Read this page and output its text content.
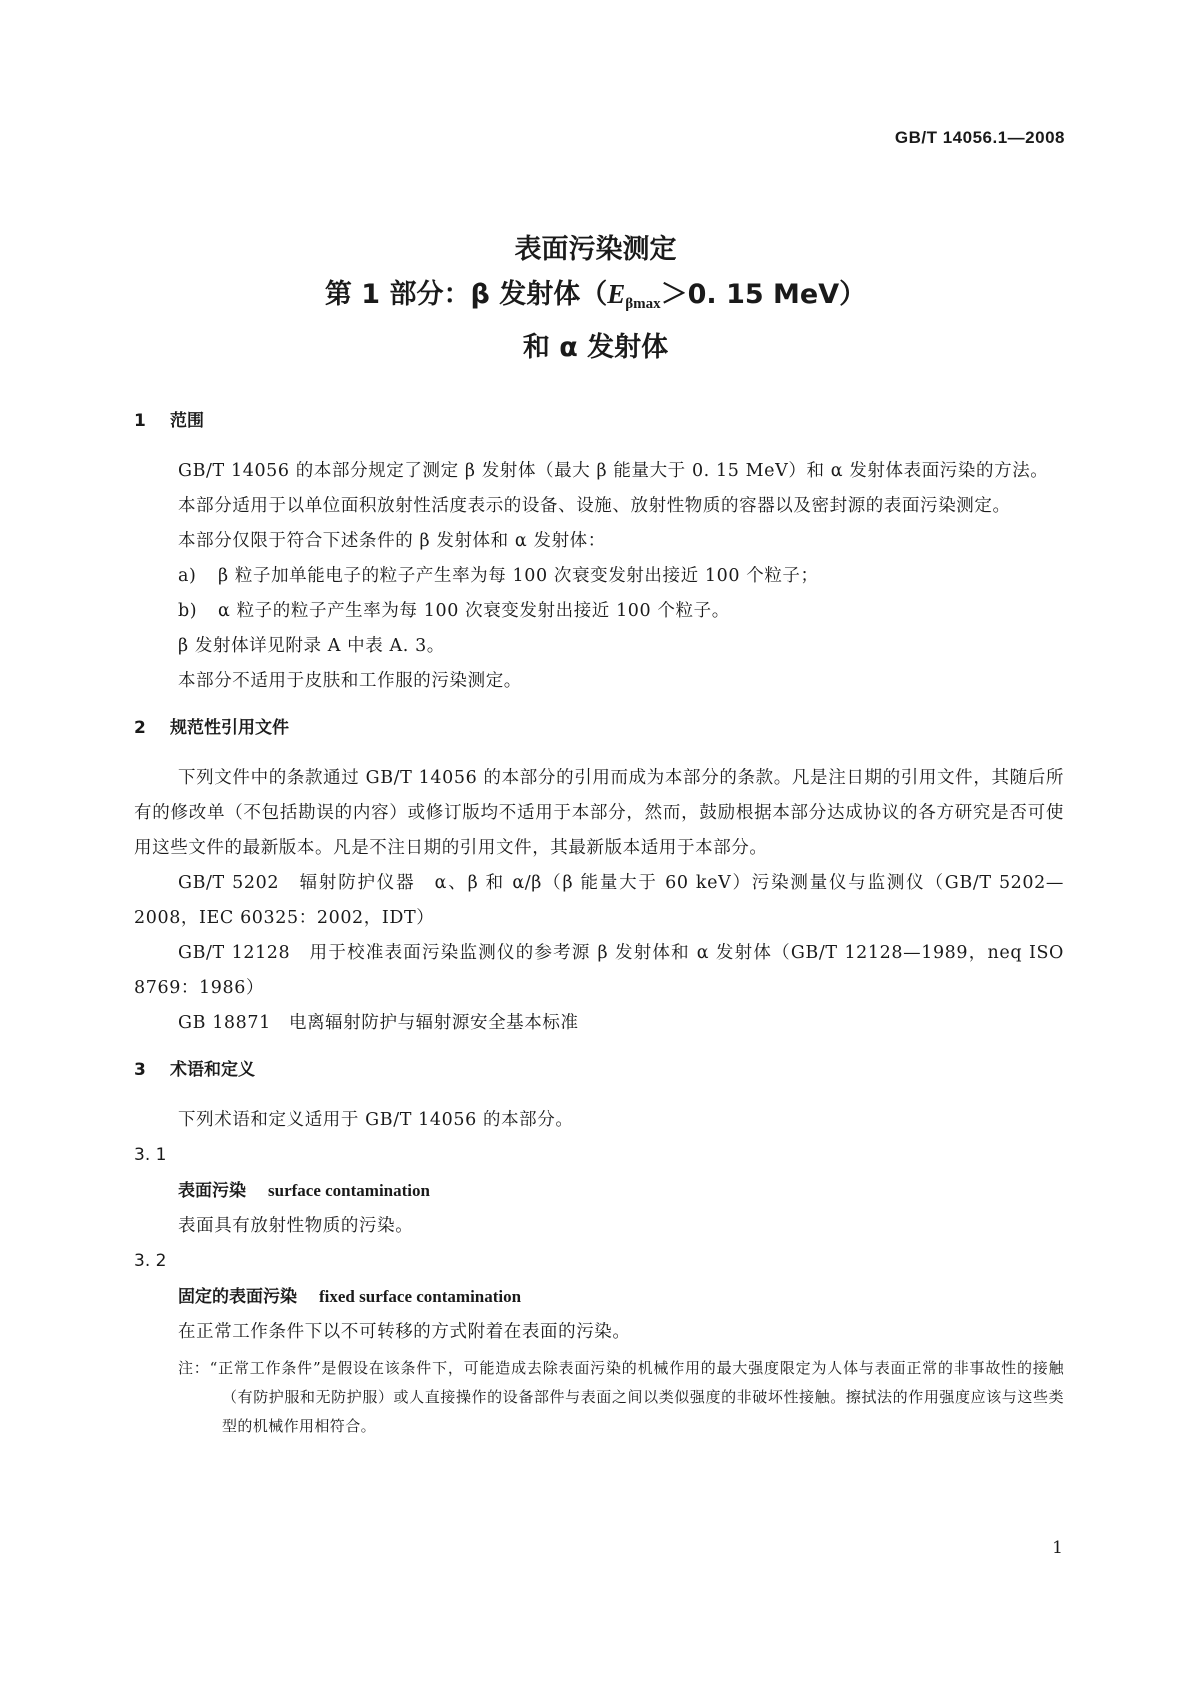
GB/T 14056.1—2008
表面污染测定
第 1 部分：β 发射体（$E_{\beta max}>0$. 15 MeV）
和 α 发射体
1 范围

GB/T 14056 的本部分规定了测定 β 发射体（最大 β 能量大于 0. 15 MeV）和 α 发射体表面污染的方法。

本部分适用于以单位面积放射性活度表示的设备、设施、放射性物质的容器以及密封源的表面污染测定。

本部分仅限于符合下述条件的 β 发射体和 α 发射体：

a) β 粒子加单能电子的粒子产生率为每 100 次衰变发射出接近 100 个粒子；

b) α 粒子的粒子产生率为每 100 次衰变发射出接近 100 个粒子。

β 发射体详见附录 A 中表 A. 3。

本部分不适用于皮肤和工作服的污染测定。

2 规范性引用文件

下列文件中的条款通过 GB/T 14056 的本部分的引用而成为本部分的条款。凡是注日期的引用文件，其随后所有的修改单（不包括勘误的内容）或修订版均不适用于本部分，然而，鼓励根据本部分达成协议的各方研究是否可使用这些文件的最新版本。凡是不注日期的引用文件，其最新版本适用于本部分。

GB/T 5202　辐射防护仪器　α、β 和 α/β（β 能量大于 60 keV）污染测量仪与监测仪（GB/T 5202—2008，IEC 60325：2002，IDT）

GB/T 12128　用于校准表面污染监测仪的参考源 β 发射体和 α 发射体（GB/T 12128—1989，neq ISO 8769：1986）

GB 18871　电离辐射防护与辐射源安全基本标准

3 术语和定义

下列术语和定义适用于 GB/T 14056 的本部分。

3. 1

表面污染 surface contamination

表面具有放射性物质的污染。

3. 2

固定的表面污染 fixed surface contamination

在正常工作条件下以不可转移的方式附着在表面的污染。

注：“正常工作条件”是假设在该条件下，可能造成去除表面污染的机械作用的最大强度限定为人体与表面正常的非事故性的接触（有防护服和无防护服）或人直接操作的设备部件与表面之间以类似强度的非破坏性接触。擦拭法的作用强度应该与这些类型的机械作用相符合。

1
